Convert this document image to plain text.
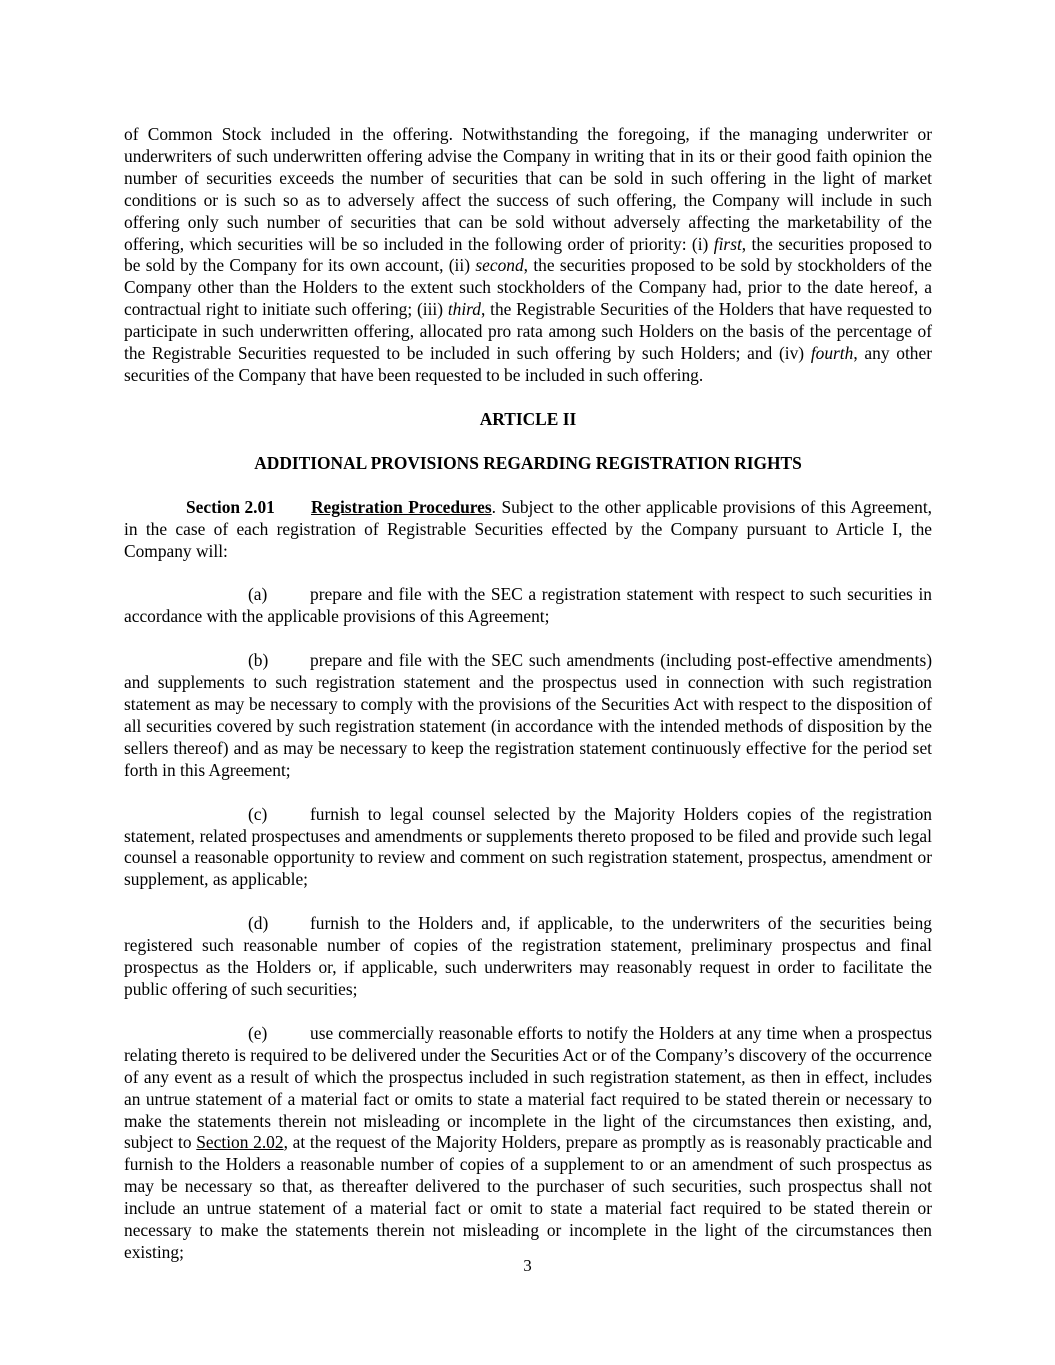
of Common Stock included in the offering. Notwithstanding the foregoing, if the managing underwriter or underwriters of such underwritten offering advise the Company in writing that in its or their good faith opinion the number of securities exceeds the number of securities that can be sold in such offering in the light of market conditions or is such so as to adversely affect the success of such offering, the Company will include in such offering only such number of securities that can be sold without adversely affecting the marketability of the offering, which securities will be so included in the following order of priority: (i) first, the securities proposed to be sold by the Company for its own account, (ii) second, the securities proposed to be sold by stockholders of the Company other than the Holders to the extent such stockholders of the Company had, prior to the date hereof, a contractual right to initiate such offering; (iii) third, the Registrable Securities of the Holders that have requested to participate in such underwritten offering, allocated pro rata among such Holders on the basis of the percentage of the Registrable Securities requested to be included in such offering by such Holders; and (iv) fourth, any other securities of the Company that have been requested to be included in such offering.

ARTICLE II

ADDITIONAL PROVISIONS REGARDING REGISTRATION RIGHTS

Section 2.01 Registration Procedures. Subject to the other applicable provisions of this Agreement, in the case of each registration of Registrable Securities effected by the Company pursuant to Article I, the Company will:

(a) prepare and file with the SEC a registration statement with respect to such securities in accordance with the applicable provisions of this Agreement;

(b) prepare and file with the SEC such amendments (including post-effective amendments) and supplements to such registration statement and the prospectus used in connection with such registration statement as may be necessary to comply with the provisions of the Securities Act with respect to the disposition of all securities covered by such registration statement (in accordance with the intended methods of disposition by the sellers thereof) and as may be necessary to keep the registration statement continuously effective for the period set forth in this Agreement;

(c) furnish to legal counsel selected by the Majority Holders copies of the registration statement, related prospectuses and amendments or supplements thereto proposed to be filed and provide such legal counsel a reasonable opportunity to review and comment on such registration statement, prospectus, amendment or supplement, as applicable;

(d) furnish to the Holders and, if applicable, to the underwriters of the securities being registered such reasonable number of copies of the registration statement, preliminary prospectus and final prospectus as the Holders or, if applicable, such underwriters may reasonably request in order to facilitate the public offering of such securities;

(e) use commercially reasonable efforts to notify the Holders at any time when a prospectus relating thereto is required to be delivered under the Securities Act or of the Company’s discovery of the occurrence of any event as a result of which the prospectus included in such registration statement, as then in effect, includes an untrue statement of a material fact or omits to state a material fact required to be stated therein or necessary to make the statements therein not misleading or incomplete in the light of the circumstances then existing, and, subject to Section 2.02, at the request of the Majority Holders, prepare as promptly as is reasonably practicable and furnish to the Holders a reasonable number of copies of a supplement to or an amendment of such prospectus as may be necessary so that, as thereafter delivered to the purchaser of such securities, such prospectus shall not include an untrue statement of a material fact or omit to state a material fact required to be stated therein or necessary to make the statements therein not misleading or incomplete in the light of the circumstances then existing;

3
